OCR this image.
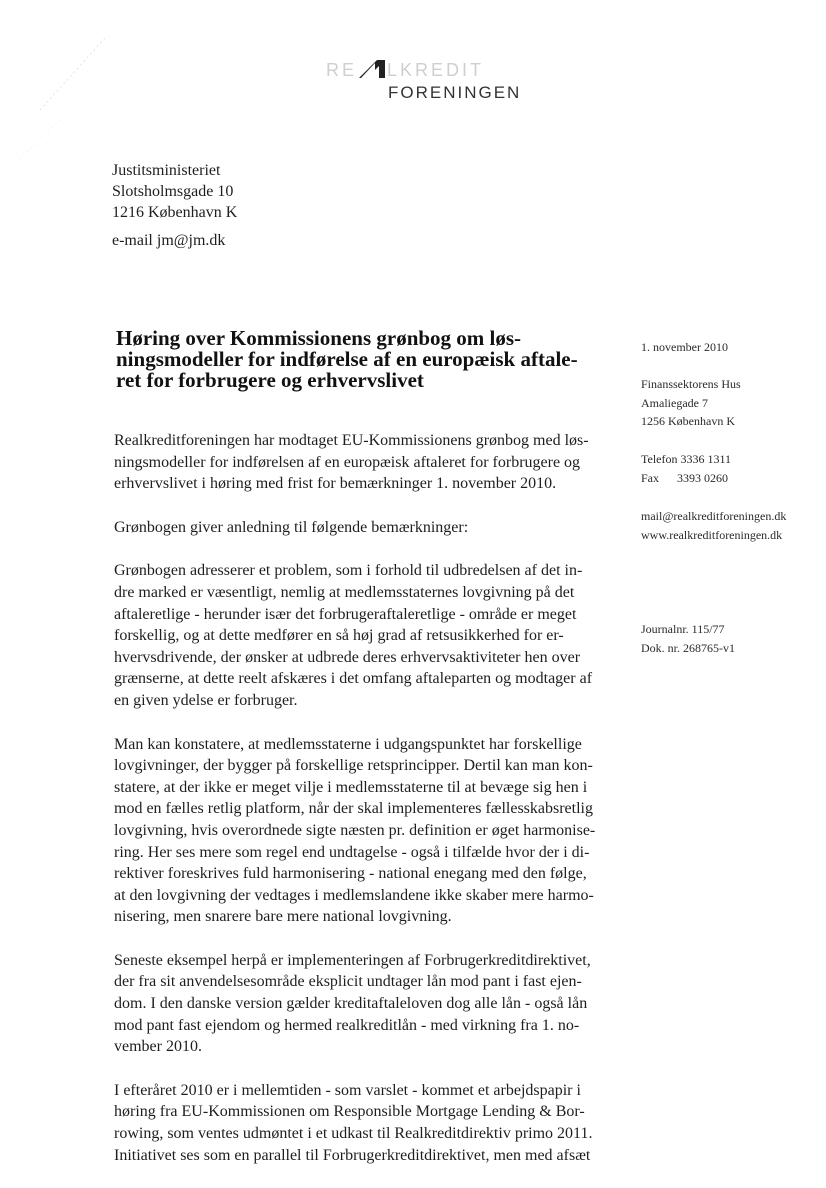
RE LKREDIT
FORENINGEN
Justitsministeriet
Slotsholmsgade 10
1216 København K
e-mail jm@jm.dk
Høring over Kommissionens grønbog om løs-
ningsmodeller for indførelse af en europæisk aftale-
ret for forbrugere og erhvervslivet
1. november 2010
Finanssektorens Hus
Amaliegade 7
1256 København K
Telefon 3336 1311
Fax      3393 0260
mail@realkreditforeningen.dk
www.realkreditforeningen.dk
Journalnr. 115/77
Dok. nr. 268765-v1

Realkreditforeningen har modtaget EU-Kommissionens grønbog med løs-
ningsmodeller for indførelsen af en europæisk aftaleret for forbrugere og
erhvervslivet i høring med frist for bemærkninger 1. november 2010.

Grønbogen giver anledning til følgende bemærkninger:

Grønbogen adresserer et problem, som i forhold til udbredelsen af det in-
dre marked er væsentligt, nemlig at medlemsstaternes lovgivning på det
aftaleretlige - herunder især det forbrugeraftaleretlige - område er meget
forskellig, og at dette medfører en så høj grad af retsusikkerhed for er-
hvervsdrivende, der ønsker at udbrede deres erhvervsaktiviteter hen over
grænserne, at dette reelt afskæres i det omfang aftaleparten og modtager af
en given ydelse er forbruger.

Man kan konstatere, at medlemsstaterne i udgangspunktet har forskellige
lovgivninger, der bygger på forskellige retsprincipper. Dertil kan man kon-
statere, at der ikke er meget vilje i medlemsstaterne til at bevæge sig hen i
mod en fælles retlig platform, når der skal implementeres fællesskabsretlig
lovgivning, hvis overordnede sigte næsten pr. definition er øget harmonise-
ring. Her ses mere som regel end undtagelse - også i tilfælde hvor der i di-
rektiver foreskrives fuld harmonisering - national enegang med den følge,
at den lovgivning der vedtages i medlemslandene ikke skaber mere harmo-
nisering, men snarere bare mere national lovgivning.

Seneste eksempel herpå er implementeringen af Forbrugerkreditdirektivet,
der fra sit anvendelsesområde eksplicit undtager lån mod pant i fast ejen-
dom. I den danske version gælder kreditaftaleloven dog alle lån - også lån
mod pant fast ejendom og hermed realkreditlån - med virkning fra 1. no-
vember 2010.

I efteråret 2010 er i mellemtiden - som varslet - kommet et arbejdspapir i
høring fra EU-Kommissionen om Responsible Mortgage Lending & Bor-
rowing, som ventes udmøntet i et udkast til Realkreditdirektiv primo 2011.
Initiativet ses som en parallel til Forbrugerkreditdirektivet, men med afsæt
